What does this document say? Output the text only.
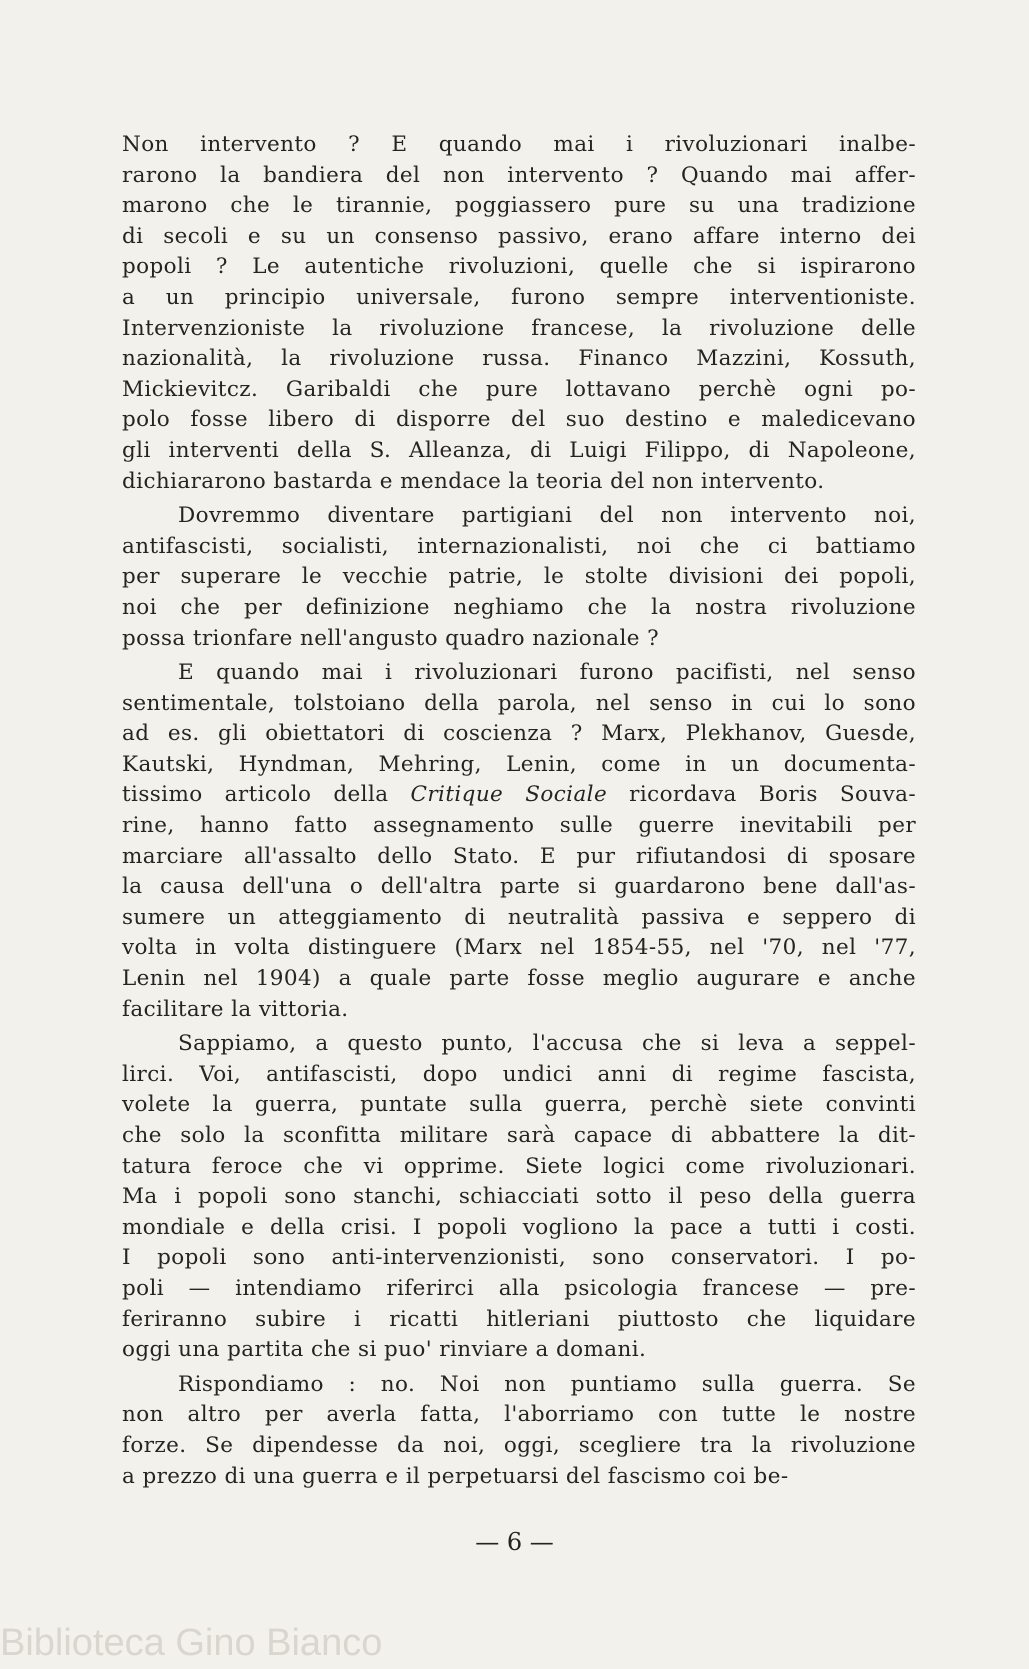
Non intervento ? E quando mai i rivoluzionari inalbe-
rarono la bandiera del non intervento ? Quando mai affer-
marono che le tirannie, poggiassero pure su una tradizione
di secoli e su un consenso passivo, erano affare interno dei
popoli ? Le autentiche rivoluzioni, quelle che si ispirarono
a un principio universale, furono sempre interventioniste.
Intervenzioniste la rivoluzione francese, la rivoluzione delle
nazionalità, la rivoluzione russa. Financo Mazzini, Kossuth,
Mickievitcz. Garibaldi che pure lottavano perchè ogni po-
polo fosse libero di disporre del suo destino e maledicevano
gli interventi della S. Alleanza, di Luigi Filippo, di Napoleone,
dichiararono bastarda e mendace la teoria del non intervento.
Dovremmo diventare partigiani del non intervento noi,
antifascisti, socialisti, internazionalisti, noi che ci battiamo
per superare le vecchie patrie, le stolte divisioni dei popoli,
noi che per definizione neghiamo che la nostra rivoluzione
possa trionfare nell'angusto quadro nazionale ?
E quando mai i rivoluzionari furono pacifisti, nel senso
sentimentale, tolstoiano della parola, nel senso in cui lo sono
ad es. gli obiettatori di coscienza ? Marx, Plekhanov, Guesde,
Kautski, Hyndman, Mehring, Lenin, come in un documenta-
tissimo articolo della Critique Sociale ricordava Boris Souva-
rine, hanno fatto assegnamento sulle guerre inevitabili per
marciare all'assalto dello Stato. E pur rifiutandosi di sposare
la causa dell'una o dell'altra parte si guardarono bene dall'as-
sumere un atteggiamento di neutralità passiva e seppero di
volta in volta distinguere (Marx nel 1854-55, nel '70, nel '77,
Lenin nel 1904) a quale parte fosse meglio augurare e anche
facilitare la vittoria.
Sappiamo, a questo punto, l'accusa che si leva a seppel-
lirci. Voi, antifascisti, dopo undici anni di regime fascista,
volete la guerra, puntate sulla guerra, perchè siete convinti
che solo la sconfitta militare sarà capace di abbattere la dit-
tatura feroce che vi opprime. Siete logici come rivoluzionari.
Ma i popoli sono stanchi, schiacciati sotto il peso della guerra
mondiale e della crisi. I popoli vogliono la pace a tutti i costi.
I popoli sono anti-intervenzionisti, sono conservatori. I po-
poli — intendiamo riferirci alla psicologia francese — pre-
feriranno subire i ricatti hitleriani piuttosto che liquidare
oggi una partita che si puo' rinviare a domani.
Rispondiamo : no. Noi non puntiamo sulla guerra. Se
non altro per averla fatta, l'aborriamo con tutte le nostre
forze. Se dipendesse da noi, oggi, scegliere tra la rivoluzione
a prezzo di una guerra e il perpetuarsi del fascismo coi be-
— 6 —
Biblioteca Gino Bianco
